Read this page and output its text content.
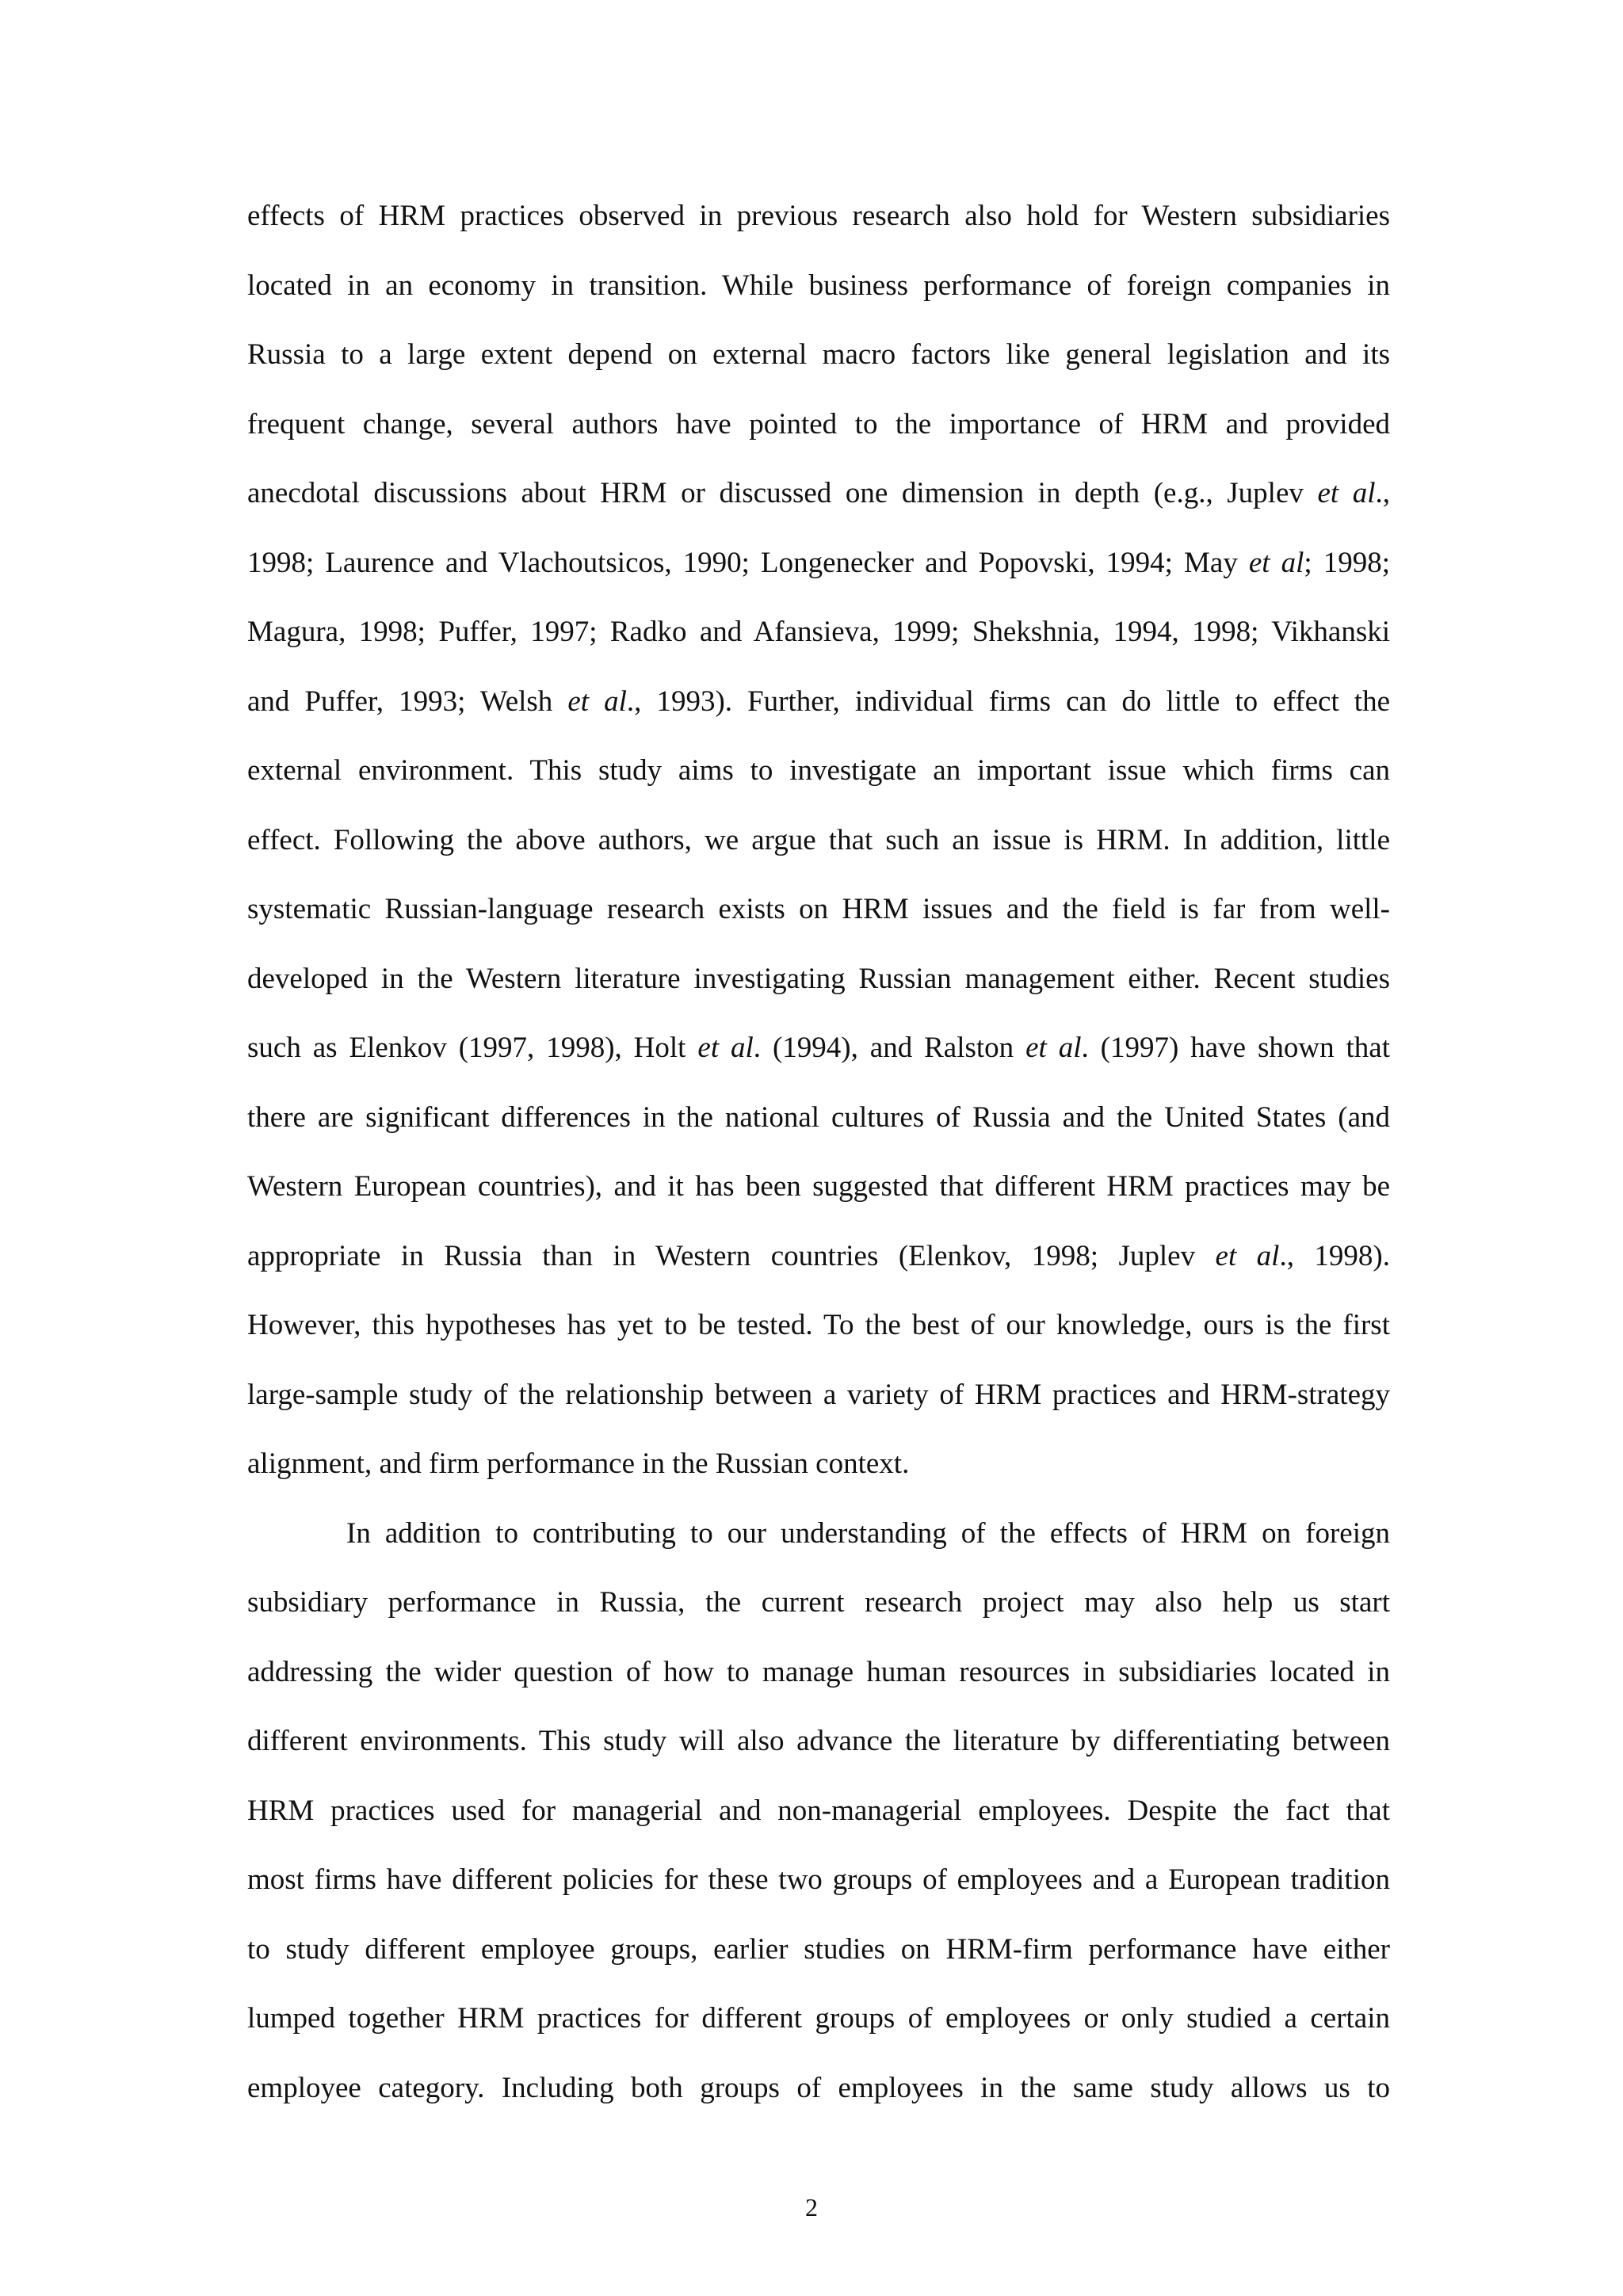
effects of HRM practices observed in previous research also hold for Western subsidiaries
located in an economy in transition. While business performance of foreign companies in
Russia to a large extent depend on external macro factors like general legislation and its
frequent change, several authors have pointed to the importance of HRM and provided
anecdotal discussions about HRM or discussed one dimension in depth (e.g., Juplev et al.,
1998; Laurence and Vlachoutsicos, 1990; Longenecker and Popovski, 1994; May et al; 1998;
Magura, 1998; Puffer, 1997; Radko and Afansieva, 1999; Shekshnia, 1994, 1998; Vikhanski
and Puffer, 1993; Welsh et al., 1993). Further, individual firms can do little to effect the
external environment. This study aims to investigate an important issue which firms can
effect. Following the above authors, we argue that such an issue is HRM. In addition, little
systematic Russian-language research exists on HRM issues and the field is far from well-
developed in the Western literature investigating Russian management either. Recent studies
such as Elenkov (1997, 1998), Holt et al. (1994), and Ralston et al. (1997) have shown that
there are significant differences in the national cultures of Russia and the United States (and
Western European countries), and it has been suggested that different HRM practices may be
appropriate in Russia than in Western countries (Elenkov, 1998; Juplev et al., 1998).
However, this hypotheses has yet to be tested. To the best of our knowledge, ours is the first
large-sample study of the relationship between a variety of HRM practices and HRM-strategy
alignment, and firm performance in the Russian context.
In addition to contributing to our understanding of the effects of HRM on foreign
subsidiary performance in Russia, the current research project may also help us start
addressing the wider question of how to manage human resources in subsidiaries located in
different environments. This study will also advance the literature by differentiating between
HRM practices used for managerial and non-managerial employees. Despite the fact that
most firms have different policies for these two groups of employees and a European tradition
to study different employee groups, earlier studies on HRM-firm performance have either
lumped together HRM practices for different groups of employees or only studied a certain
employee category. Including both groups of employees in the same study allows us to
2
